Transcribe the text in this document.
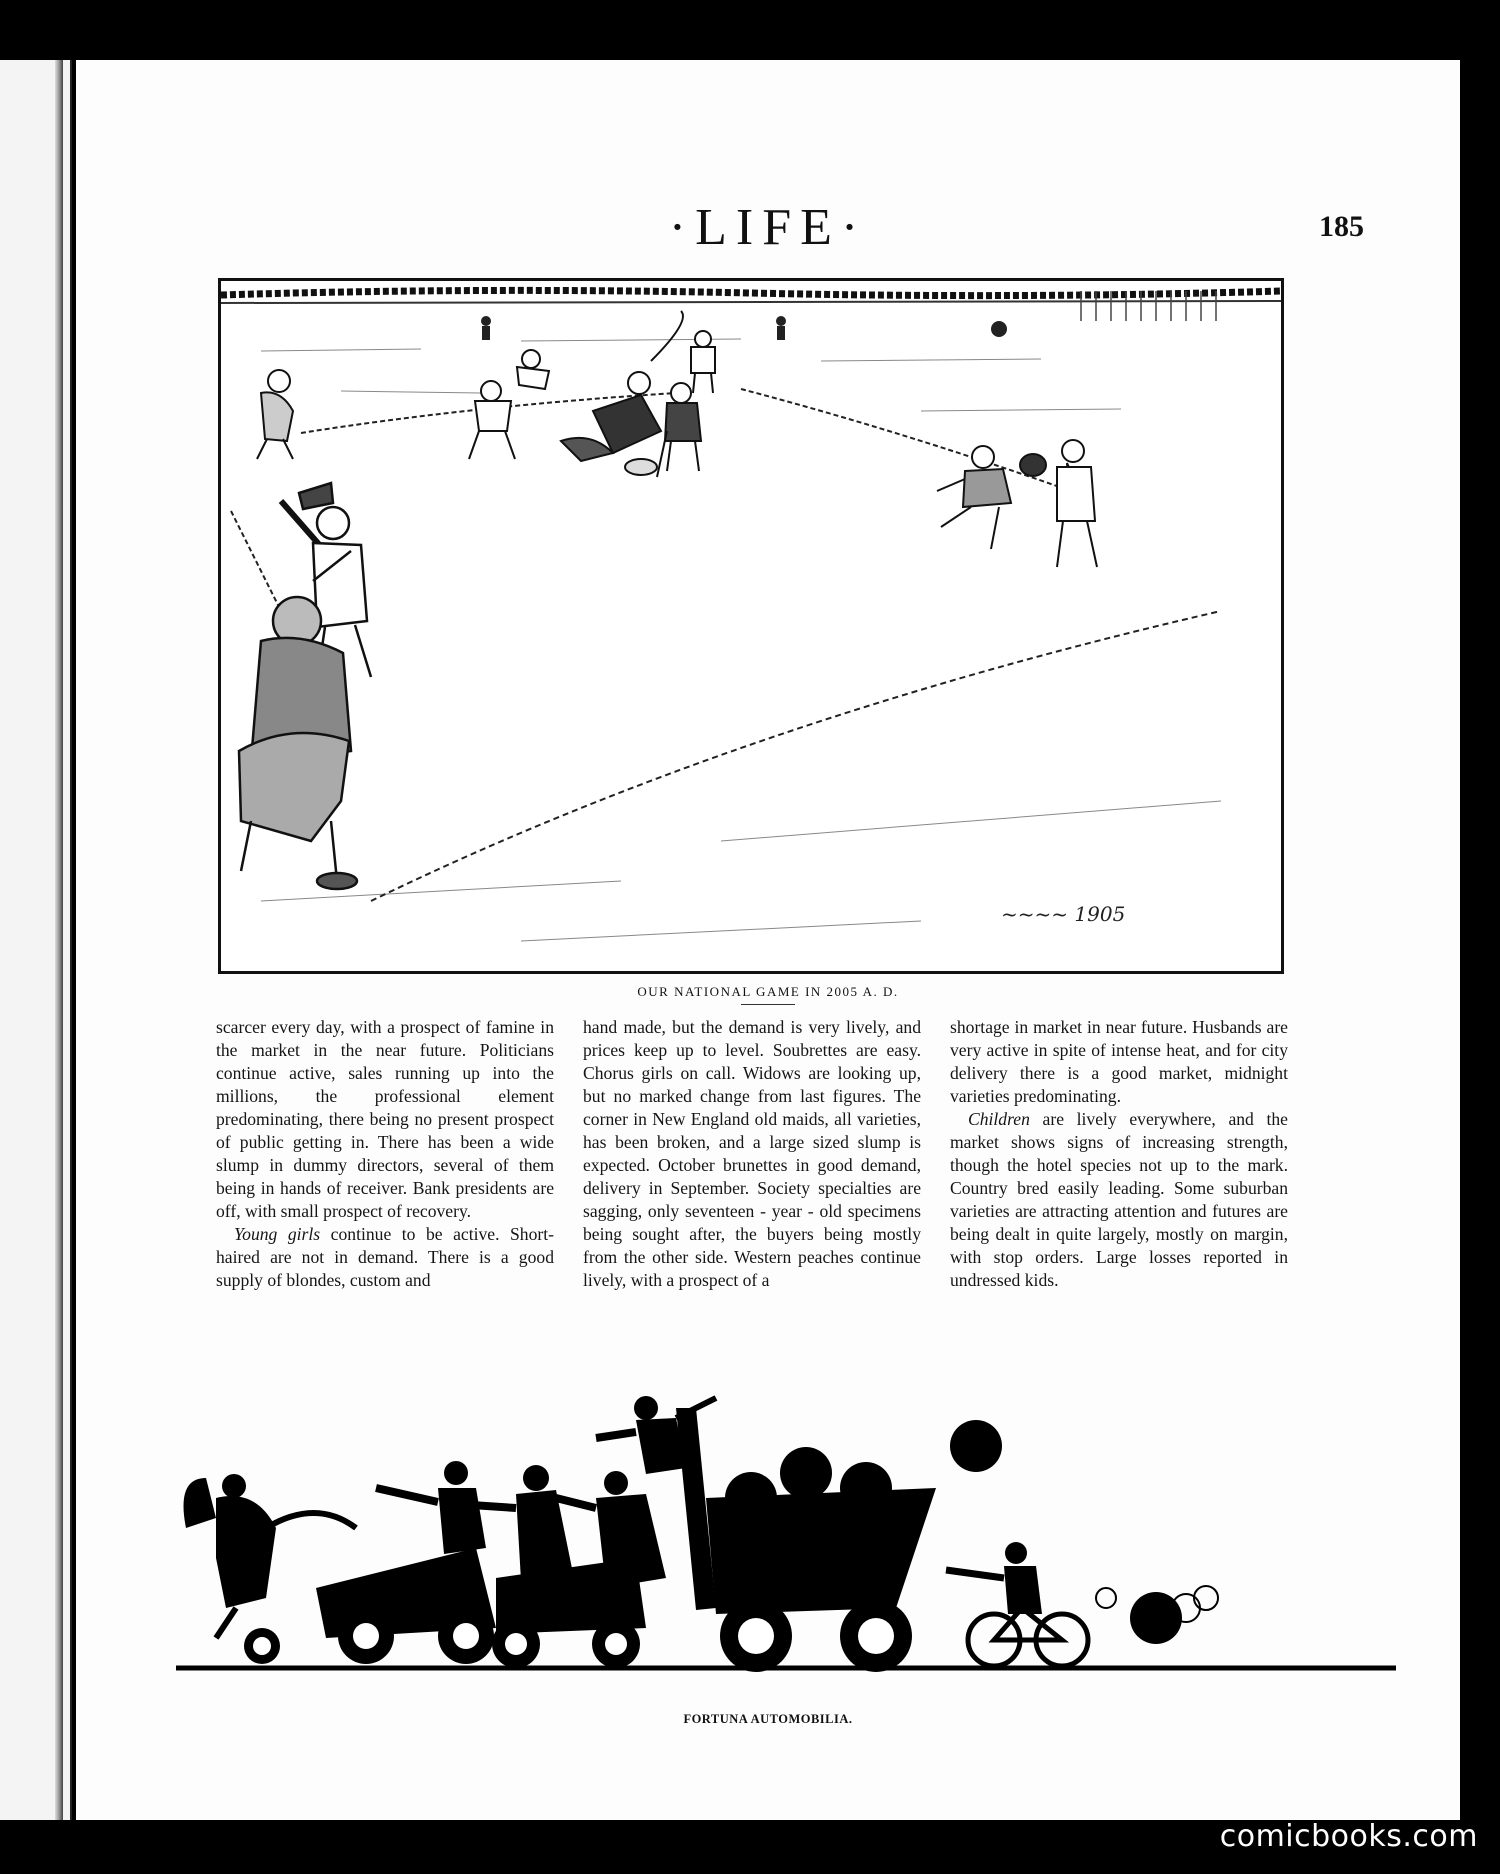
·LIFE·	185
~~~~ 1905
OUR NATIONAL GAME IN 2005 A. D.

scarcer every day, with a prospect of famine in the market in the near future. Politicians continue active, sales running up into the millions, the professional element predominating, there being no present prospect of public getting in. There has been a wide slump in dummy directors, several of them being in hands of receiver. Bank presidents are off, with small prospect of recovery.

Young girls continue to be active. Short-haired are not in demand. There is a good supply of blondes, custom and

hand made, but the demand is very lively, and prices keep up to level. Soubrettes are easy. Chorus girls on call. Widows are looking up, but no marked change from last figures. The corner in New England old maids, all varieties, has been broken, and a large sized slump is expected. October brunettes in good demand, delivery in September. Society specialties are sagging, only seventeen - year - old specimens being sought after, the buyers being mostly from the other side. Western peaches continue lively, with a prospect of a

shortage in market in near future. Husbands are very active in spite of intense heat, and for city delivery there is a good market, midnight varieties predominating.

Children are lively everywhere, and the market shows signs of increasing strength, though the hotel species not up to the mark. Country bred easily leading. Some suburban varieties are attracting attention and futures are being dealt in quite largely, mostly on margin, with stop orders. Large losses reported in undressed kids.

FORTUNA AUTOMOBILIA.
comicbooks.com
